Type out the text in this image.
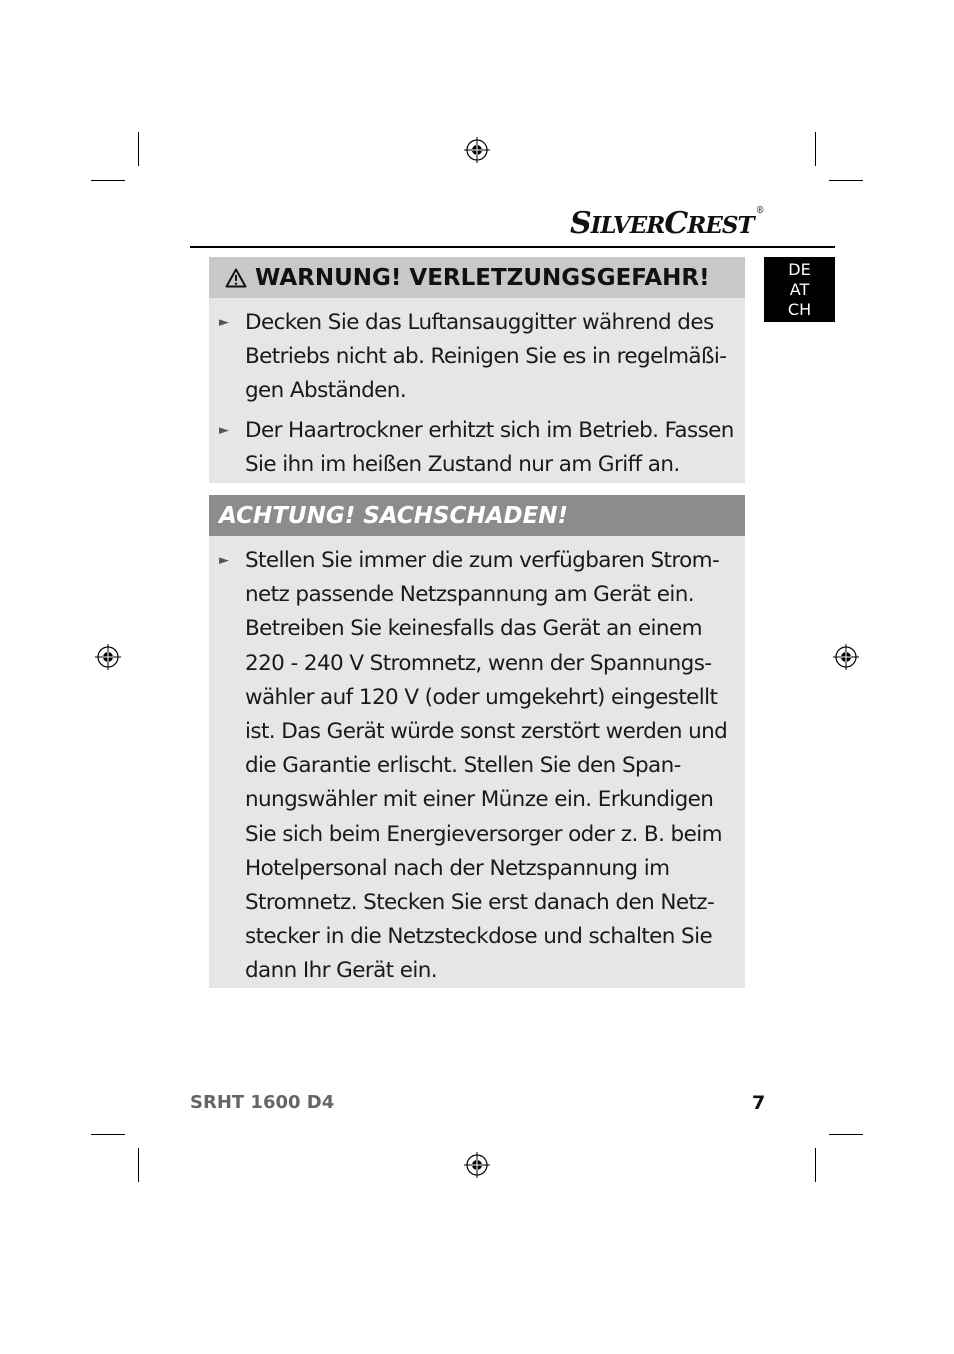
SILVERCREST®
DE
AT
CH
WARNUNG! VERLETZUNGSGEFAHR!
► Decken Sie das Luftansauggitter während des Betriebs nicht ab. Reinigen Sie es in regelmäßi-gen Abständen.
► Der Haartrockner erhitzt sich im Betrieb. Fassen Sie ihn im heißen Zustand nur am Griff an.
ACHTUNG! SACHSCHADEN!
► Stellen Sie immer die zum verfügbaren Strom-netz passende Netzspannung am Gerät ein. Betreiben Sie keinesfalls das Gerät an einem 220 - 240 V Stromnetz, wenn der Spannungs-wähler auf 120 V (oder umgekehrt) eingestellt ist. Das Gerät würde sonst zerstört werden und die Garantie erlischt. Stellen Sie den Span-nungswähler mit einer Münze ein. Erkundigen Sie sich beim Energieversorger oder z. B. beim Hotelpersonal nach der Netzspannung im Stromnetz. Stecken Sie erst danach den Netz-stecker in die Netzsteckdose und schalten Sie dann Ihr Gerät ein.
SRHT 1600 D4	7
